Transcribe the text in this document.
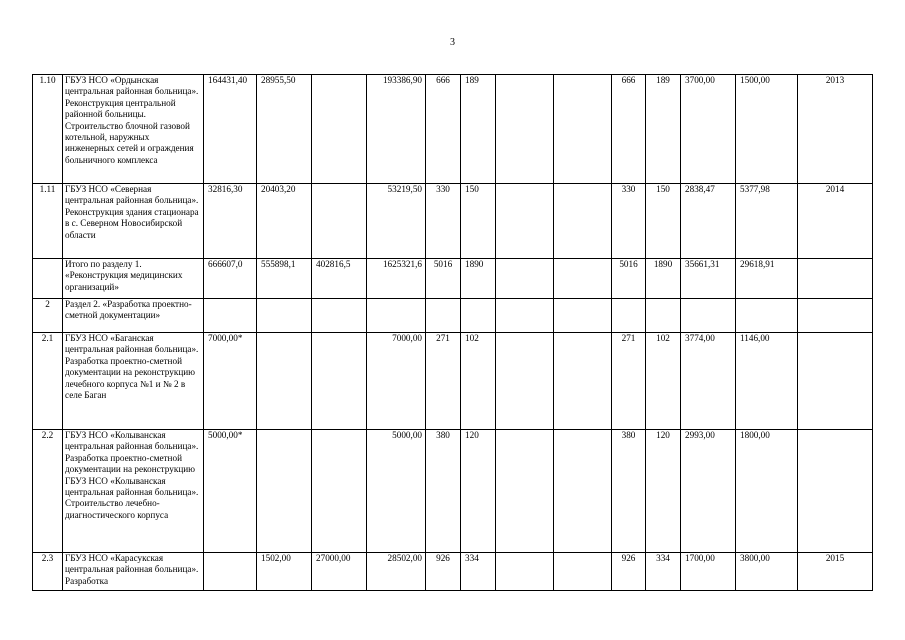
3
1.10	ГБУЗ НСО «Ордынская центральная районная больница». Реконструкция центральной районной больницы. Строительство блочной газовой котельной, наружных инженерных сетей и ограждения больничного комплекса	164431,40	28955,50		193386,90	666	189			666	189	3700,00	1500,00	2013
1.11	ГБУЗ НСО «Северная центральная районная больница». Реконструкция здания стационара в с. Северном Новосибирской области	32816,30	20403,20		53219,50	330	150			330	150	2838,47	5377,98	2014
	Итого по разделу 1. «Реконструкция медицинских организаций»	666607,0	555898,1	402816,5	1625321,6	5016	1890			5016	1890	35661,31	29618,91	
2	Раздел 2. «Разработка проектно-сметной документации»													
2.1	ГБУЗ НСО «Баганская центральная районная больница». Разработка проектно-сметной документации на реконструкцию лечебного корпуса №1 и № 2 в селе Баган	7000,00*			7000,00	271	102			271	102	3774,00	1146,00	
2.2	ГБУЗ НСО «Колыванская центральная районная больница». Разработка проектно-сметной документации на реконструкцию ГБУЗ НСО «Колыванская центральная районная больница». Строительство лечебно-диагностического корпуса	5000,00*			5000,00	380	120			380	120	2993,00	1800,00	
2.3	ГБУЗ НСО «Карасукская центральная районная больница». Разработка		1502,00	27000,00	28502,00	926	334			926	334	1700,00	3800,00	2015
